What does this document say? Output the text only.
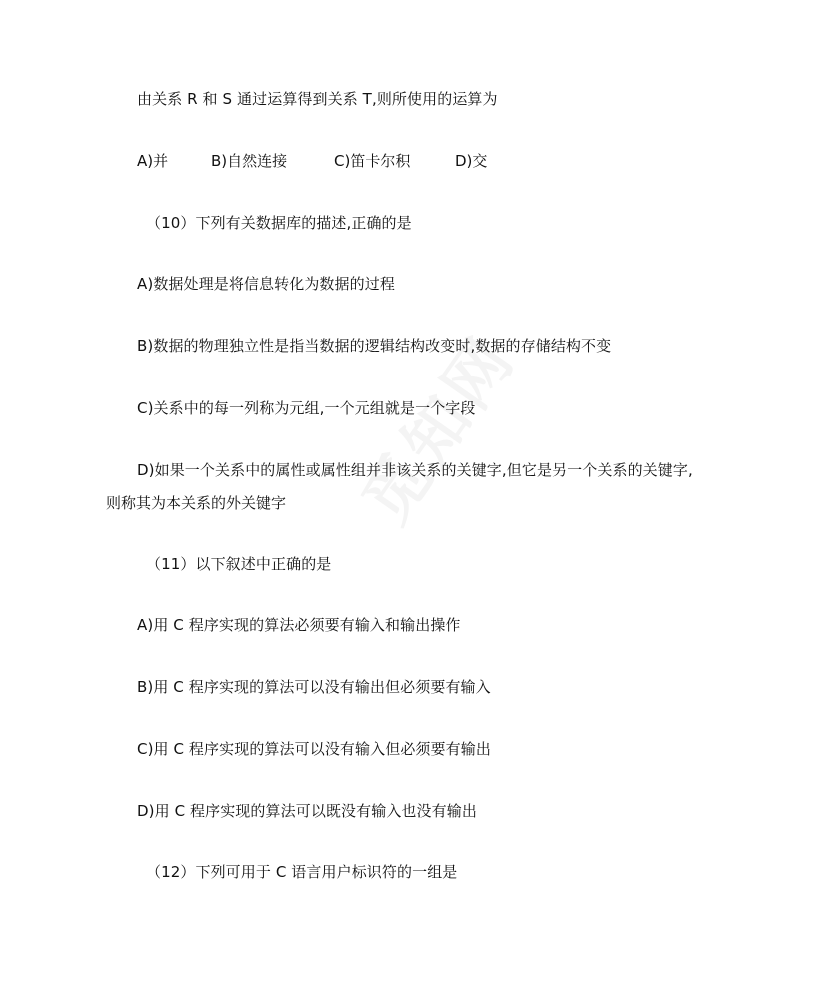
由关系 R 和 S 通过运算得到关系 T,则所使用的运算为
A)并	B)自然连接	C)笛卡尔积	D)交
（10）下列有关数据库的描述,正确的是
A)数据处理是将信息转化为数据的过程
B)数据的物理独立性是指当数据的逻辑结构改变时,数据的存储结构不变
C)关系中的每一列称为元组,一个元组就是一个字段
D)如果一个关系中的属性或属性组并非该关系的关键字,但它是另一个关系的关键字,
则称其为本关系的外关键字
（11）以下叙述中正确的是
A)用 C 程序实现的算法必须要有输入和输出操作
B)用 C 程序实现的算法可以没有输出但必须要有输入
C)用 C 程序实现的算法可以没有输入但必须要有输出
D)用 C 程序实现的算法可以既没有输入也没有输出
（12）下列可用于 C 语言用户标识符的一组是
